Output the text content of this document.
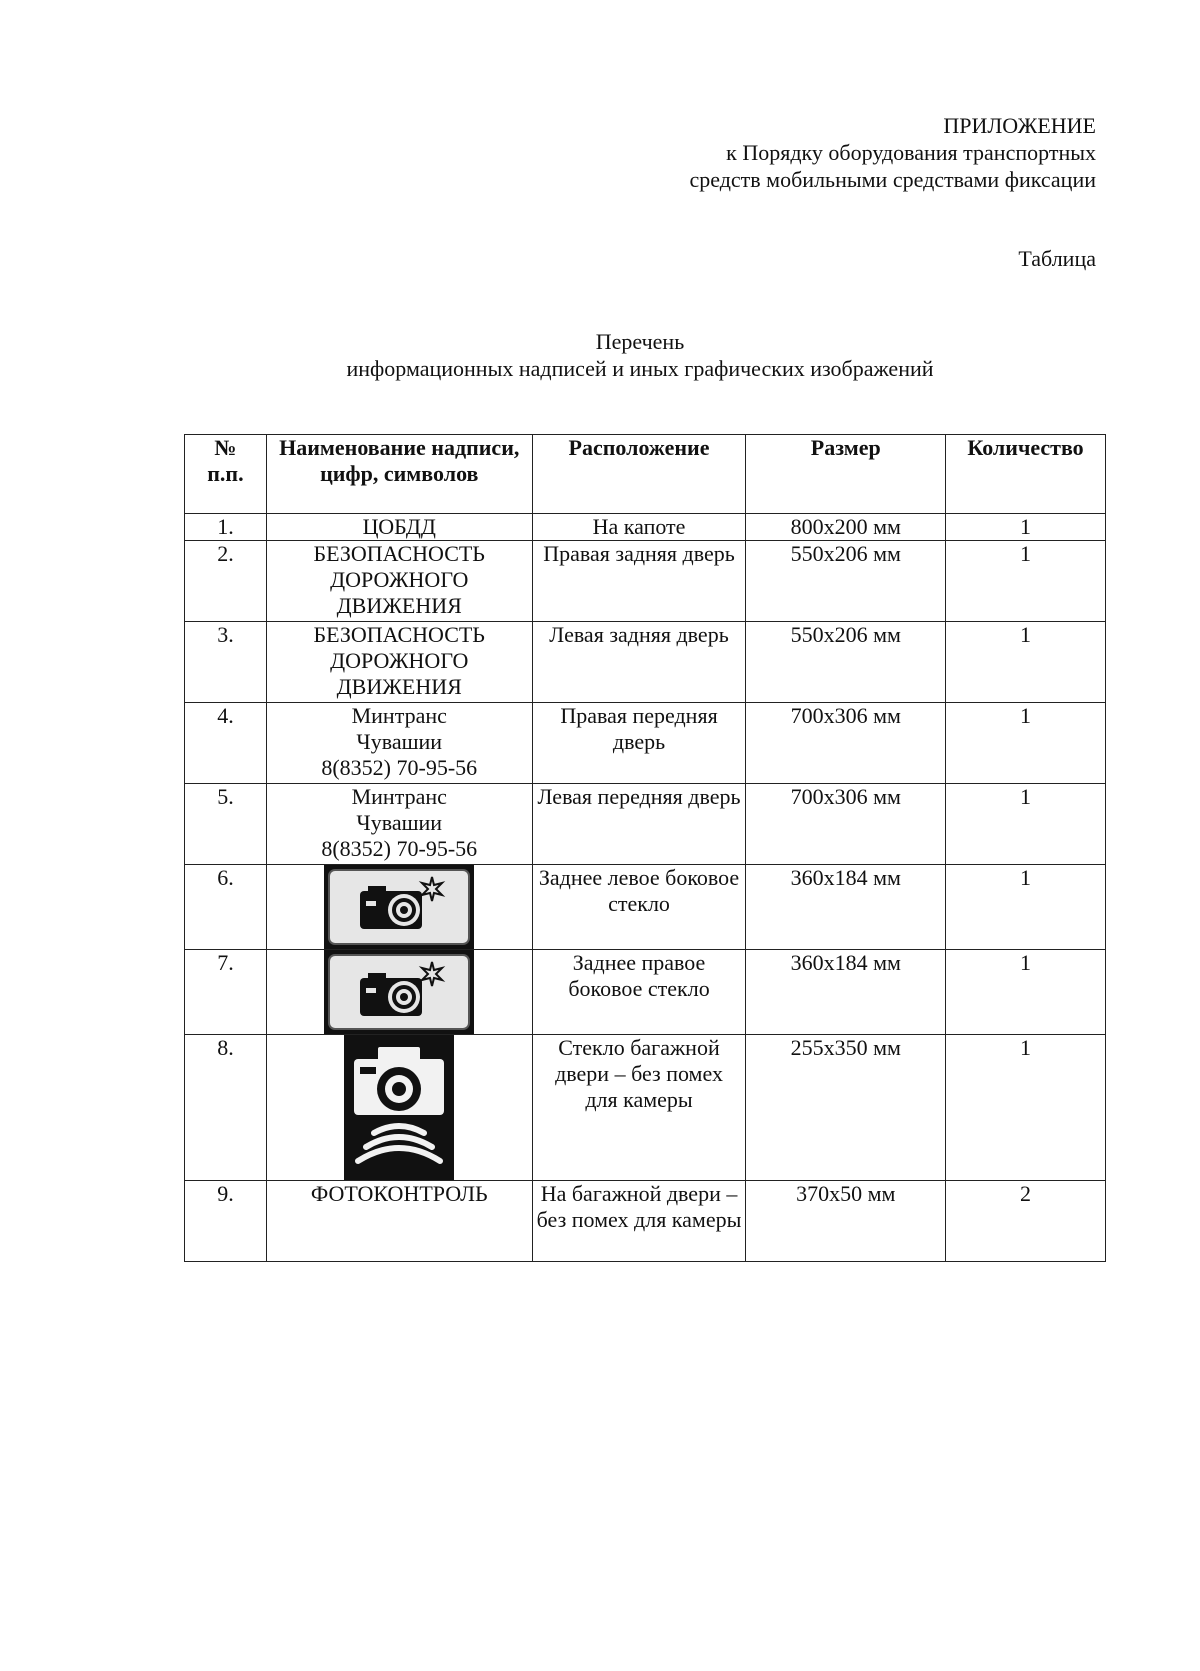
ПРИЛОЖЕНИЕ
к Порядку оборудования транспортных
средств мобильными средствами фиксации
Таблица
Перечень
информационных надписей и иных графических изображений
№
п.п.	Наименование надписи, цифр, символов	Расположение	Размер	Количество
1.	ЦОБДД	На капоте	800х200 мм	1
2.	БЕЗОПАСНОСТЬ
ДОРОЖНОГО
ДВИЖЕНИЯ	Правая задняя дверь	550х206 мм	1
3.	БЕЗОПАСНОСТЬ
ДОРОЖНОГО
ДВИЖЕНИЯ	Левая задняя дверь	550х206 мм	1
4.	Минтранс
Чувашии
8(8352) 70-95-56	Правая передняя дверь	700х306 мм	1
5.	Минтранс
Чувашии
8(8352) 70-95-56	Левая передняя дверь	700х306 мм	1
6.		Заднее левое боковое стекло	360х184 мм	1
7.		Заднее правое боковое стекло	360х184 мм	1
8.		Стекло багажной двери – без помех для камеры	255х350 мм	1
9.	ФОТОКОНТРОЛЬ	На багажной двери – без помех для камеры	370х50 мм	2
